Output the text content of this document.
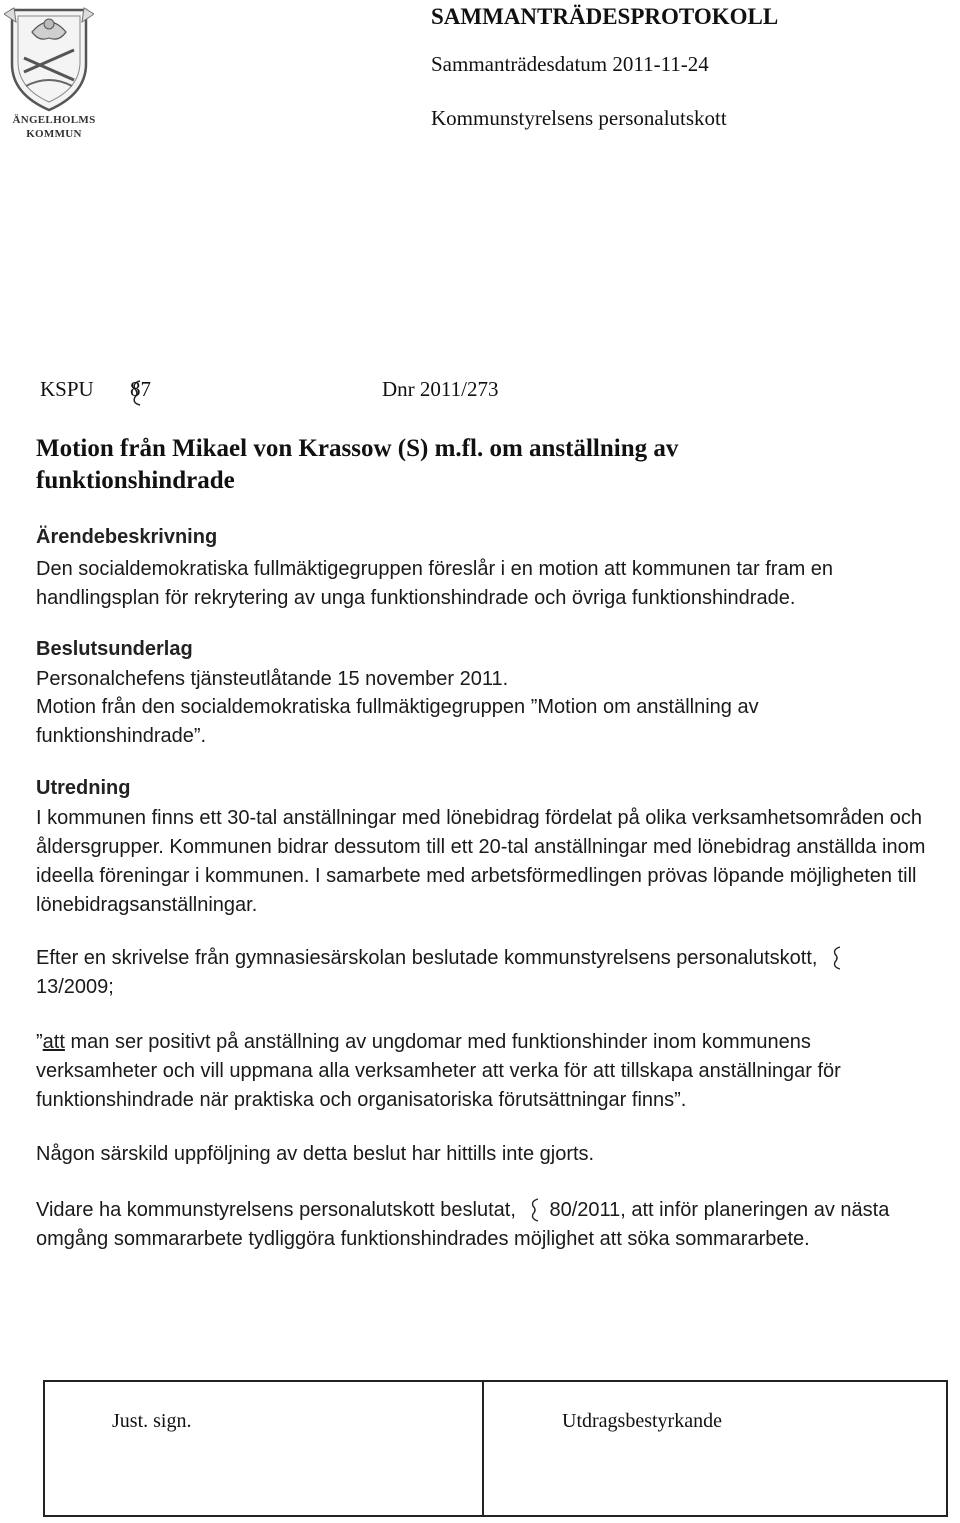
ÄNGELHOLMS
KOMMUN
SAMMANTRÄDESPROTOKOLL
Sammanträdesdatum 2011-11-24
Kommunstyrelsens personalutskott
KSPU 87	Dnr 2011/273
Motion från Mikael von Krassow (S) m.fl. om anställning av funktionshindrade
Ärendebeskrivning
Den socialdemokratiska fullmäktigegruppen föreslår i en motion att kommunen tar fram en handlingsplan för rekrytering av unga funktionshindrade och övriga funktionshindrade.
Beslutsunderlag
Personalchefens tjänsteutlåtande 15 november 2011.
Motion från den socialdemokratiska fullmäktigegruppen ”Motion om anställning av funktionshindrade”.
Utredning
I kommunen finns ett 30-tal anställningar med lönebidrag fördelat på olika verksamhetsområden och åldersgrupper. Kommunen bidrar dessutom till ett 20-tal anställningar med lönebidrag anställda inom ideella föreningar i kommunen. I samarbete med arbetsförmedlingen prövas löpande möjligheten till lönebidragsanställningar.
Efter en skrivelse från gymnasiesärskolan beslutade kommunstyrelsens personalutskott,
13/2009;
”att man ser positivt på anställning av ungdomar med funktionshinder inom kommunens verksamheter och vill uppmana alla verksamheter att verka för att tillskapa anställningar för funktionshindrade när praktiska och organisatoriska förutsättningar finns”.
Någon särskild uppföljning av detta beslut har hittills inte gjorts.
Vidare ha kommunstyrelsens personalutskott beslutat, 80/2011, att inför planeringen av nästa omgång sommararbete tydliggöra funktionshindrades möjlighet att söka sommararbete.
Just. sign.	Utdragsbestyrkande
